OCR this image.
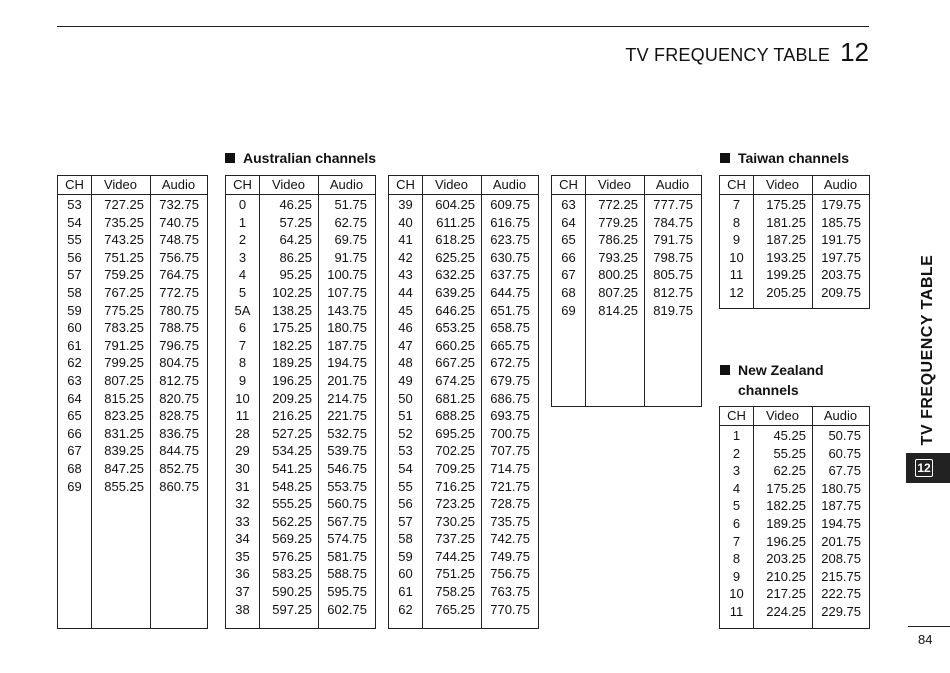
TV FREQUENCY TABLE 12
Australian channels	Taiwan channels
New Zealand
channels
CH	Video	Audio
53	727.25	732.75
54	735.25	740.75
55	743.25	748.75
56	751.25	756.75
57	759.25	764.75
58	767.25	772.75
59	775.25	780.75
60	783.25	788.75
61	791.25	796.75
62	799.25	804.75
63	807.25	812.75
64	815.25	820.75
65	823.25	828.75
66	831.25	836.75
67	839.25	844.75
68	847.25	852.75
69	855.25	860.75
CH	Video	Audio
0	46.25	51.75
1	57.25	62.75
2	64.25	69.75
3	86.25	91.75
4	95.25	100.75
5	102.25	107.75
5A	138.25	143.75
6	175.25	180.75
7	182.25	187.75
8	189.25	194.75
9	196.25	201.75
10	209.25	214.75
11	216.25	221.75
28	527.25	532.75
29	534.25	539.75
30	541.25	546.75
31	548.25	553.75
32	555.25	560.75
33	562.25	567.75
34	569.25	574.75
35	576.25	581.75
36	583.25	588.75
37	590.25	595.75
38	597.25	602.75
CH	Video	Audio
39	604.25	609.75
40	611.25	616.75
41	618.25	623.75
42	625.25	630.75
43	632.25	637.75
44	639.25	644.75
45	646.25	651.75
46	653.25	658.75
47	660.25	665.75
48	667.25	672.75
49	674.25	679.75
50	681.25	686.75
51	688.25	693.75
52	695.25	700.75
53	702.25	707.75
54	709.25	714.75
55	716.25	721.75
56	723.25	728.75
57	730.25	735.75
58	737.25	742.75
59	744.25	749.75
60	751.25	756.75
61	758.25	763.75
62	765.25	770.75
CH	Video	Audio
63	772.25	777.75
64	779.25	784.75
65	786.25	791.75
66	793.25	798.75
67	800.25	805.75
68	807.25	812.75
69	814.25	819.75
CH	Video	Audio
7	175.25	179.75
8	181.25	185.75
9	187.25	191.75
10	193.25	197.75
11	199.25	203.75
12	205.25	209.75
CH	Video	Audio
1	45.25	50.75
2	55.25	60.75
3	62.25	67.75
4	175.25	180.75
5	182.25	187.75
6	189.25	194.75
7	196.25	201.75
8	203.25	208.75
9	210.25	215.75
10	217.25	222.75
11	224.25	229.75
TV FREQUENCY TABLE
12
84
